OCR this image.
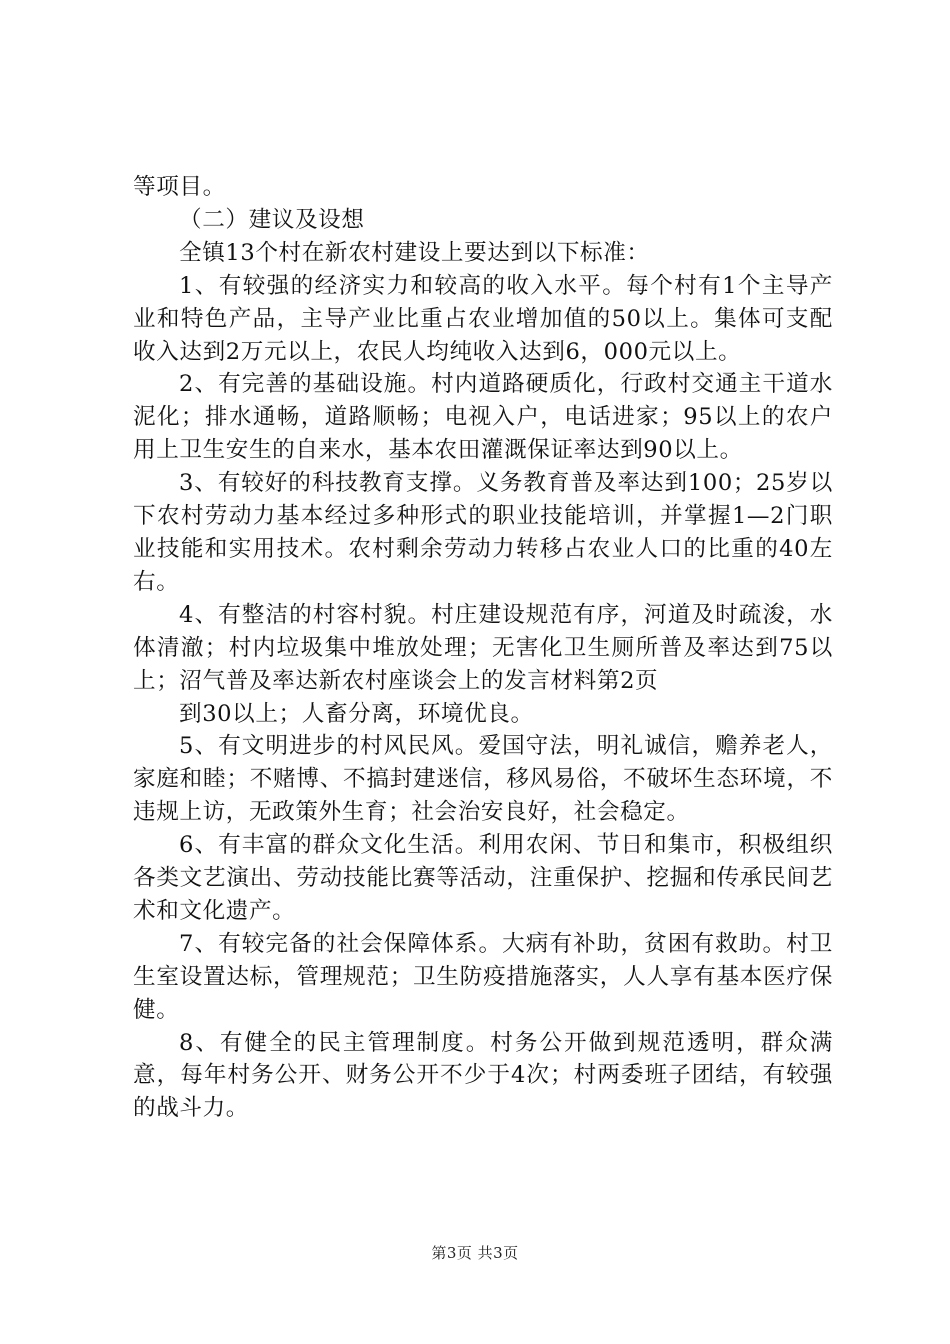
等项目。

（二）建议及设想

全镇13个村在新农村建设上要达到以下标准：

1、有较强的经济实力和较高的收入水平。每个村有1个主导产业和特色产品，主导产业比重占农业增加值的50以上。集体可支配收入达到2万元以上，农民人均纯收入达到6，000元以上。

2、有完善的基础设施。村内道路硬质化，行政村交通主干道水泥化；排水通畅，道路顺畅；电视入户，电话进家；95以上的农户用上卫生安生的自来水，基本农田灌溉保证率达到90以上。

3、有较好的科技教育支撑。义务教育普及率达到100；25岁以下农村劳动力基本经过多种形式的职业技能培训，并掌握1—2门职业技能和实用技术。农村剩余劳动力转移占农业人口的比重的40左右。

4、有整洁的村容村貌。村庄建设规范有序，河道及时疏浚，水体清澈；村内垃圾集中堆放处理；无害化卫生厕所普及率达到75以上；沼气普及率达新农村座谈会上的发言材料第2页

到30以上；人畜分离，环境优良。

5、有文明进步的村风民风。爱国守法，明礼诚信，赡养老人，家庭和睦；不赌博、不搞封建迷信，移风易俗，不破坏生态环境，不违规上访，无政策外生育；社会治安良好，社会稳定。

6、有丰富的群众文化生活。利用农闲、节日和集市，积极组织各类文艺演出、劳动技能比赛等活动，注重保护、挖掘和传承民间艺术和文化遗产。

7、有较完备的社会保障体系。大病有补助，贫困有救助。村卫生室设置达标，管理规范；卫生防疫措施落实，人人享有基本医疗保健。

8、有健全的民主管理制度。村务公开做到规范透明，群众满意，每年村务公开、财务公开不少于4次；村两委班子团结，有较强的战斗力。

第3页 共3页
